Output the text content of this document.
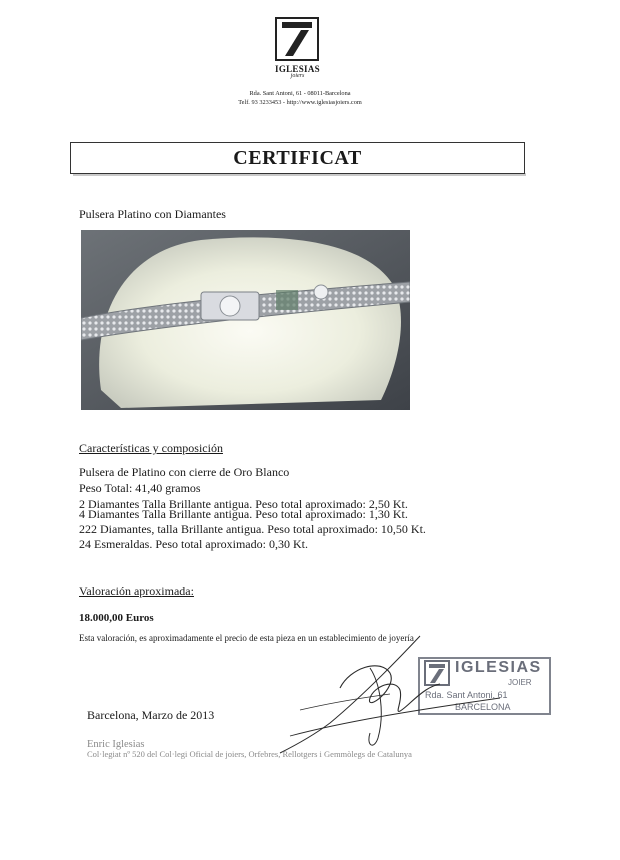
IGLESIAS
joiers
Rda. Sant Antoni, 61 - 08011-Barcelona
Telf. 93 3233453 - http://www.iglesiasjoiers.com
CERTIFICAT
Pulsera Platino con Diamantes
Características y composición
Pulsera de Platino con cierre de Oro Blanco
Peso Total: 41,40 gramos
2 Diamantes Talla Brillante antigua. Peso total aproximado: 2,50 Kt.
4 Diamantes Talla Brillante antigua. Peso total aproximado: 1,30 Kt.
222 Diamantes, talla Brillante antigua. Peso total aproximado: 10,50 Kt.
24 Esmeraldas. Peso total aproximado: 0,30 Kt.
Valoración aproximada:
18.000,00 Euros
Esta valoración, es aproximadamente el precio de esta pieza en un establecimiento de joyería
IGLESIAS
JOIER
Rda. Sant Antoni, 61
BARCELONA
Barcelona, Marzo de 2013
Enric Iglesias
Col·legiat nº 520 del Col·legi Oficial de joiers, Orfebres, Rellotgers i Gemmòlegs de Catalunya
